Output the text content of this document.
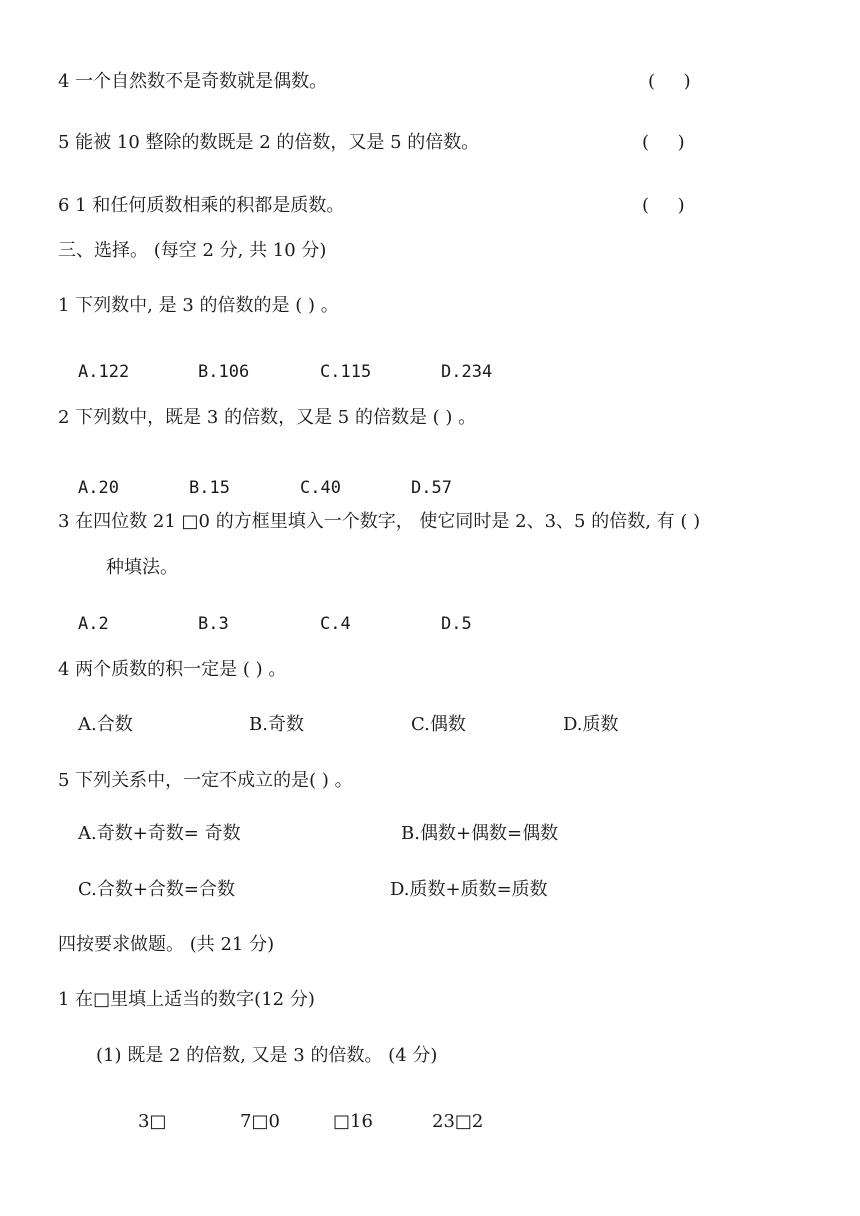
4 一个自然数不是奇数就是偶数。	(     )
5 能被 10 整除的数既是 2 的倍数，又是 5 的倍数。	(     )
6 1 和任何质数相乘的积都是质数。	(     )
三、选择。 (每空 2 分, 共 10 分)
1 下列数中, 是 3 的倍数的是 ( ) 。
A.122	B.106	C.115	D.234
2 下列数中，既是 3 的倍数，又是 5 的倍数是 ( ) 。
A.20	B.15	C.40	D.57
3 在四位数 21 □0 的方框里填入一个数字， 使它同时是 2、3、5 的倍数, 有 ( )
种填法。
A.2	B.3	C.4	D.5
4 两个质数的积一定是 ( ) 。
A.合数	B.奇数	C.偶数	D.质数
5 下列关系中，一定不成立的是( ) 。
A.奇数+奇数= 奇数	B.偶数+偶数=偶数
C.合数+合数=合数	D.质数+质数=质数
四按要求做题。 (共 21 分)
1 在□里填上适当的数字(12 分)
(1) 既是 2 的倍数, 又是 3 的倍数。 (4 分)
3□	7□0	□16	23□2
